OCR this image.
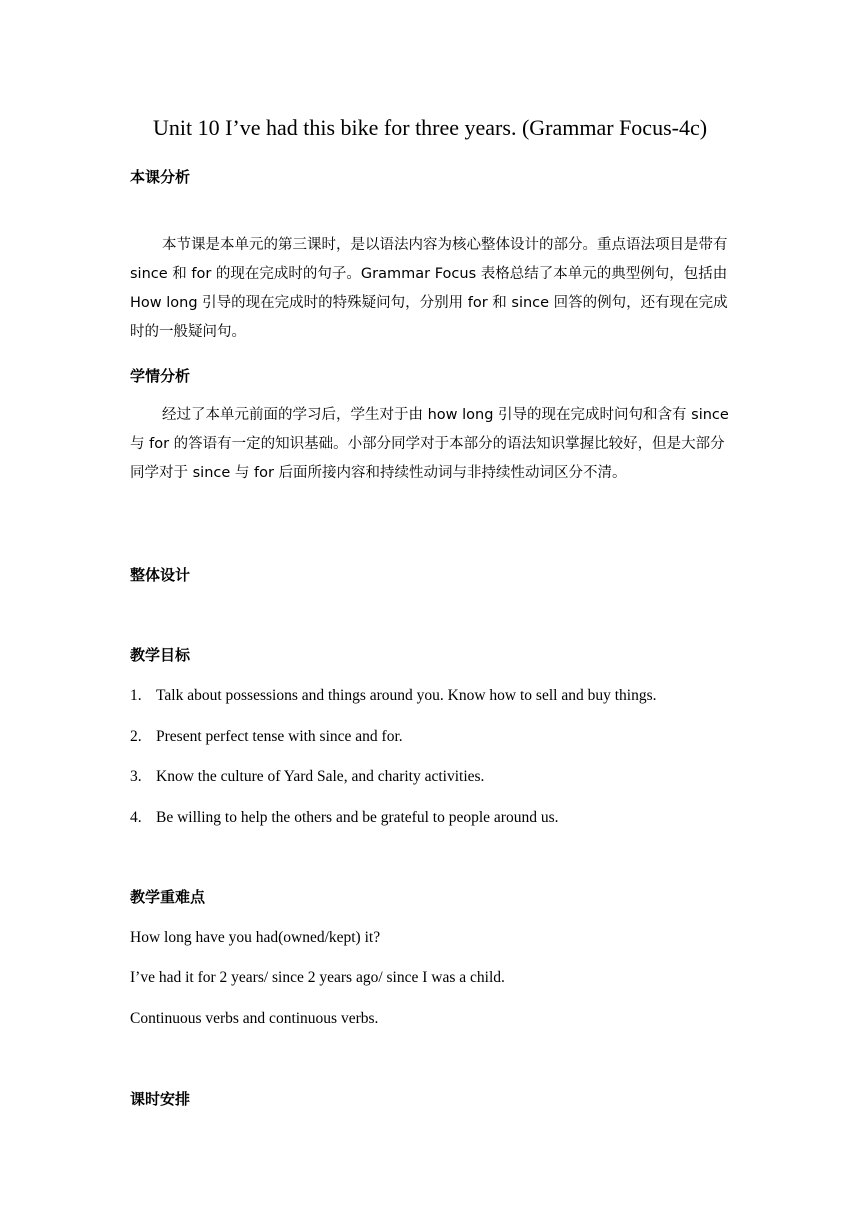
Unit 10 I’ve had this bike for three years. (Grammar Focus-4c)
本课分析
本节课是本单元的第三课时，是以语法内容为核心整体设计的部分。重点语法项目是带有 since 和 for 的现在完成时的句子。Grammar Focus 表格总结了本单元的典型例句，包括由 How long 引导的现在完成时的特殊疑问句，分别用 for 和 since 回答的例句，还有现在完成时的一般疑问句。
学情分析
经过了本单元前面的学习后，学生对于由 how long 引导的现在完成时问句和含有 since 与 for 的答语有一定的知识基础。小部分同学对于本部分的语法知识掌握比较好，但是大部分同学对于 since 与 for 后面所接内容和持续性动词与非持续性动词区分不清。
整体设计
教学目标
1. Talk about possessions and things around you. Know how to sell and buy things.
2. Present perfect tense with since and for.
3. Know the culture of Yard Sale, and charity activities.
4. Be willing to help the others and be grateful to people around us.
教学重难点
How long have you had(owned/kept) it?
I’ve had it for 2 years/ since 2 years ago/ since I was a child.
Continuous verbs and continuous verbs.
课时安排
